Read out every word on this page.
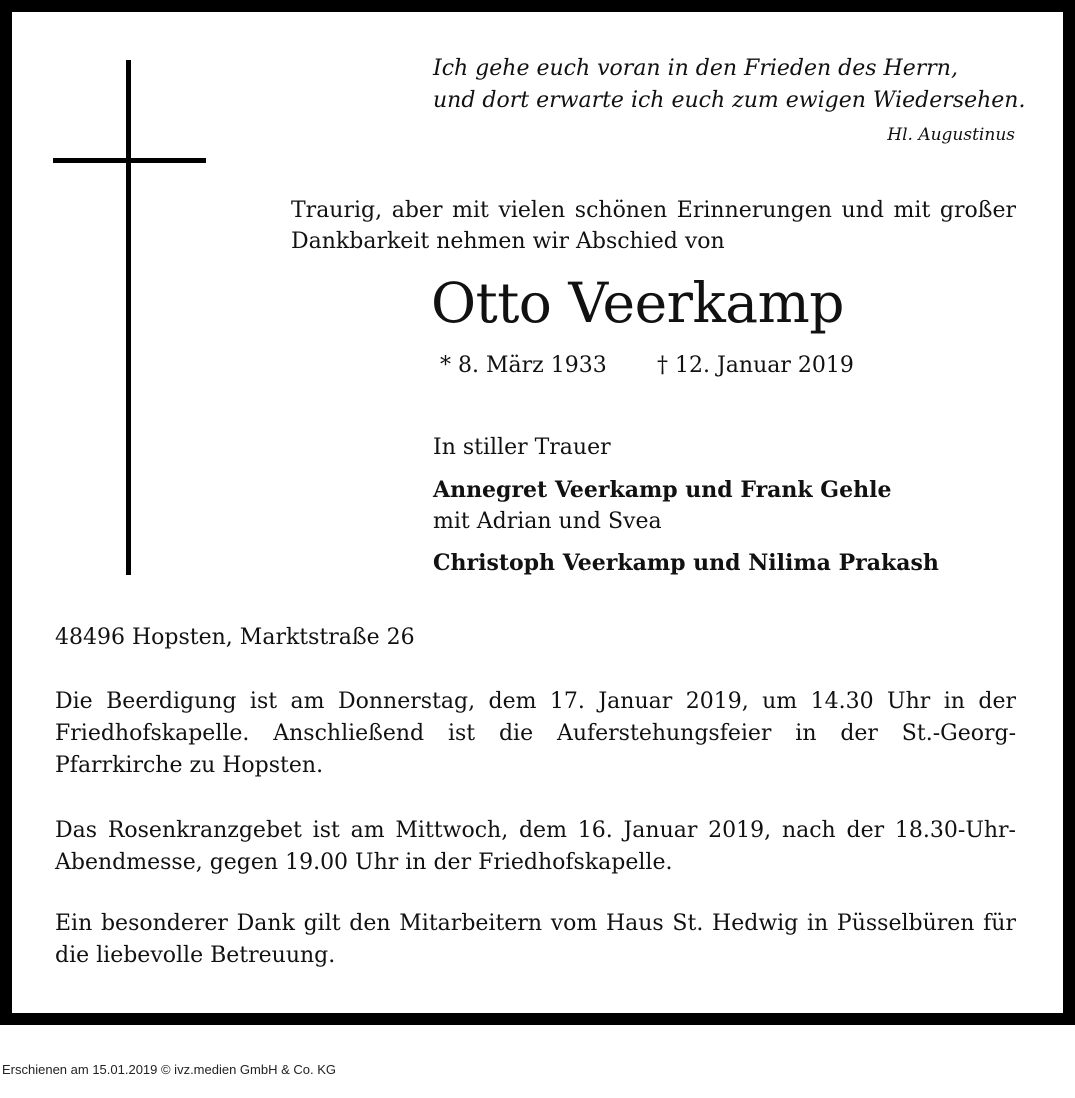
Ich gehe euch voran in den Frieden des Herrn,
und dort erwarte ich euch zum ewigen Wiedersehen.
Hl. Augustinus
Traurig, aber mit vielen schönen Erinnerungen und mit großer Dankbarkeit nehmen wir Abschied von
Otto Veerkamp
* 8. März 1933 † 12. Januar 2019
In stiller Trauer
Annegret Veerkamp und Frank Gehle
mit Adrian und Svea
Christoph Veerkamp und Nilima Prakash

48496 Hopsten, Marktstraße 26

Die Beerdigung ist am Donnerstag, dem 17. Januar 2019, um 14.30 Uhr in der Friedhofskapelle. Anschließend ist die Auferstehungsfeier in der St.-Georg-Pfarrkirche zu Hopsten.

Das Rosenkranzgebet ist am Mittwoch, dem 16. Januar 2019, nach der 18.30-Uhr-Abendmesse, gegen 19.00 Uhr in der Friedhofskapelle.

Ein besonderer Dank gilt den Mitarbeitern vom Haus St. Hedwig in Püsselbüren für die liebevolle Betreuung.

Erschienen am 15.01.2019 © ivz.medien GmbH & Co. KG
